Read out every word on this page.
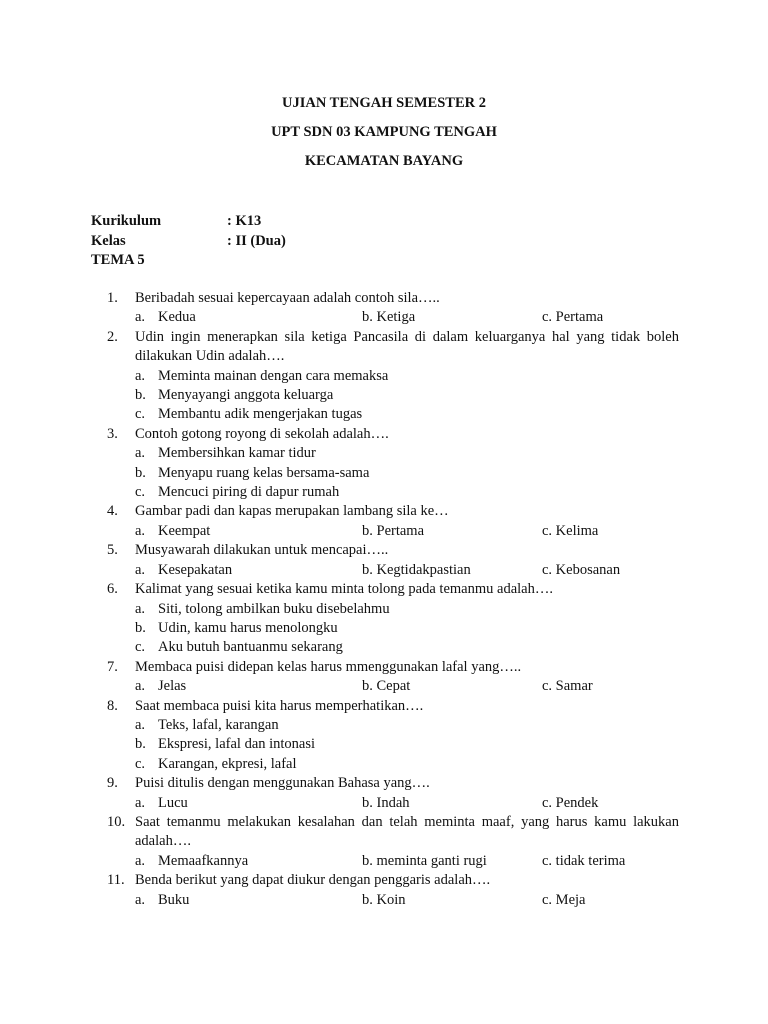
UJIAN TENGAH SEMESTER 2
UPT SDN 03 KAMPUNG TENGAH
KECAMATAN BAYANG
Kurikulum	: K13
Kelas	: II (Dua)
TEMA 5
1.	Beribadah sesuai kepercayaan adalah contoh sila…..
a. Kedua	b. Ketiga	c. Pertama
2.	Udin ingin menerapkan sila ketiga Pancasila di dalam keluarganya hal yang tidak boleh dilakukan Udin adalah….
a. Meminta mainan dengan cara memaksa
b. Menyayangi anggota keluarga
c. Membantu adik mengerjakan tugas
3.	Contoh gotong royong di sekolah adalah….
a. Membersihkan kamar tidur
b. Menyapu ruang kelas bersama-sama
c. Mencuci piring di dapur rumah
4.	Gambar padi dan kapas merupakan lambang sila ke…
a. Keempat	b. Pertama	c. Kelima
5.	Musyawarah dilakukan untuk mencapai…..
a. Kesepakatan	b. Kegtidakpastian	c. Kebosanan
6.	Kalimat yang sesuai ketika kamu minta tolong pada temanmu adalah….
a. Siti, tolong ambilkan buku disebelahmu
b. Udin, kamu harus menolongku
c. Aku butuh bantuanmu sekarang
7.	Membaca puisi didepan kelas harus mmenggunakan lafal yang…..
a. Jelas	b. Cepat	c. Samar
8.	Saat membaca puisi kita harus memperhatikan….
a. Teks, lafal, karangan
b. Ekspresi, lafal dan intonasi
c. Karangan, ekpresi, lafal
9.	Puisi ditulis dengan menggunakan Bahasa yang….
a. Lucu	b. Indah	c. Pendek
10. Saat temanmu melakukan kesalahan dan telah meminta maaf, yang harus kamu lakukan adalah….
a. Memaafkannya	b. meminta ganti rugi	c. tidak terima
11. Benda berikut yang dapat diukur dengan penggaris adalah….
a. Buku	b. Koin	c. Meja
